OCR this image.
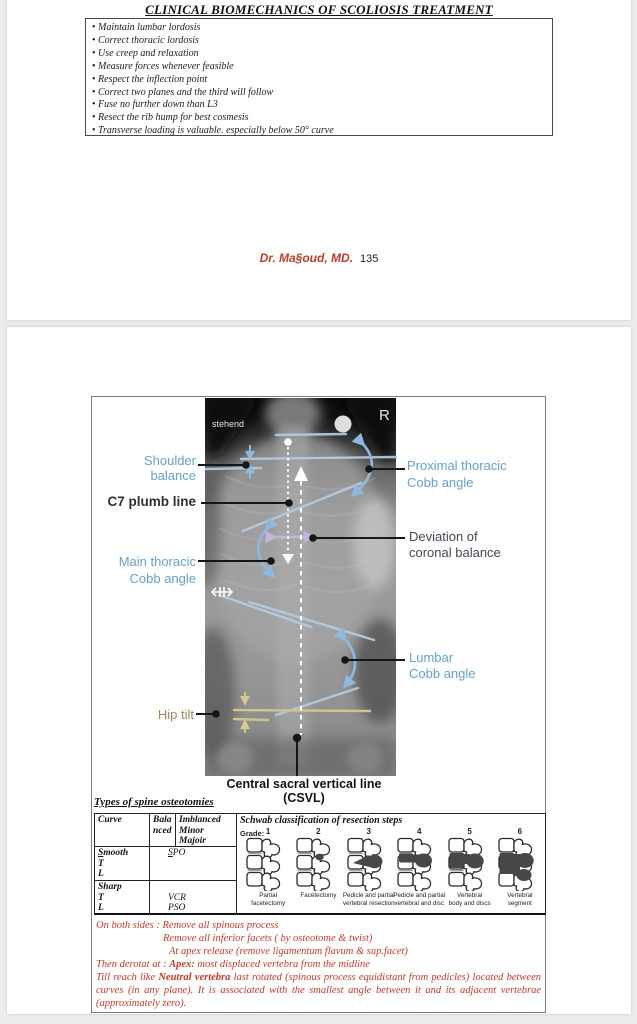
CLINICAL BIOMECHANICS OF SCOLIOSIS TREATMENT
• Maintain lumbar lordosis
• Correct thoracic lordosis
• Use creep and relaxation
• Measure forces whenever feasible
• Respect the inflection point
• Correct two planes and the third will follow
• Fuse no further down than L3
• Resect the rib hump for best cosmesis
• Transverse loading is valuable. especially below 50° curve
Dr. Ma§oud, MD. 135
stehend	R
Shoulder
balance
C7 plumb line
Main thoracic
Cobb angle
Hip tilt
Proximal thoracic
Cobb angle
Deviation of
coronal balance
Lumbar
Cobb angle
Central sacral vertical line (CSVL)
Types of spine osteotomies
Curve	Bala
nced
Imblanced
Minor
Majoir
Smooth
T
L
SPO
Sharp
T
L

VCR
PSO
Schwab classification of resection steps
Grade: 1
Partial
facetectomy
2
Facetectomy
3
Pedicle and partial
vertebral resection
4
Pedicle and partial
vertebral and disc
5
Vertebral
body and discs
6
Vertebral
segment
On both sides : Remove all spinous process
Remove all inferior facets ( by osteotome & twist)
At apex release (remove ligamentum flavum & sup.facet)
Then derotat at : Apex: most displaced vertebra from the midline
Till reach like Neutral vertebra last rotated (spinous process equidistant from pedicles) located between curves (in any plane). It is associated with the smallest angle between it and its adjacent vertebrae (approximately zero).
